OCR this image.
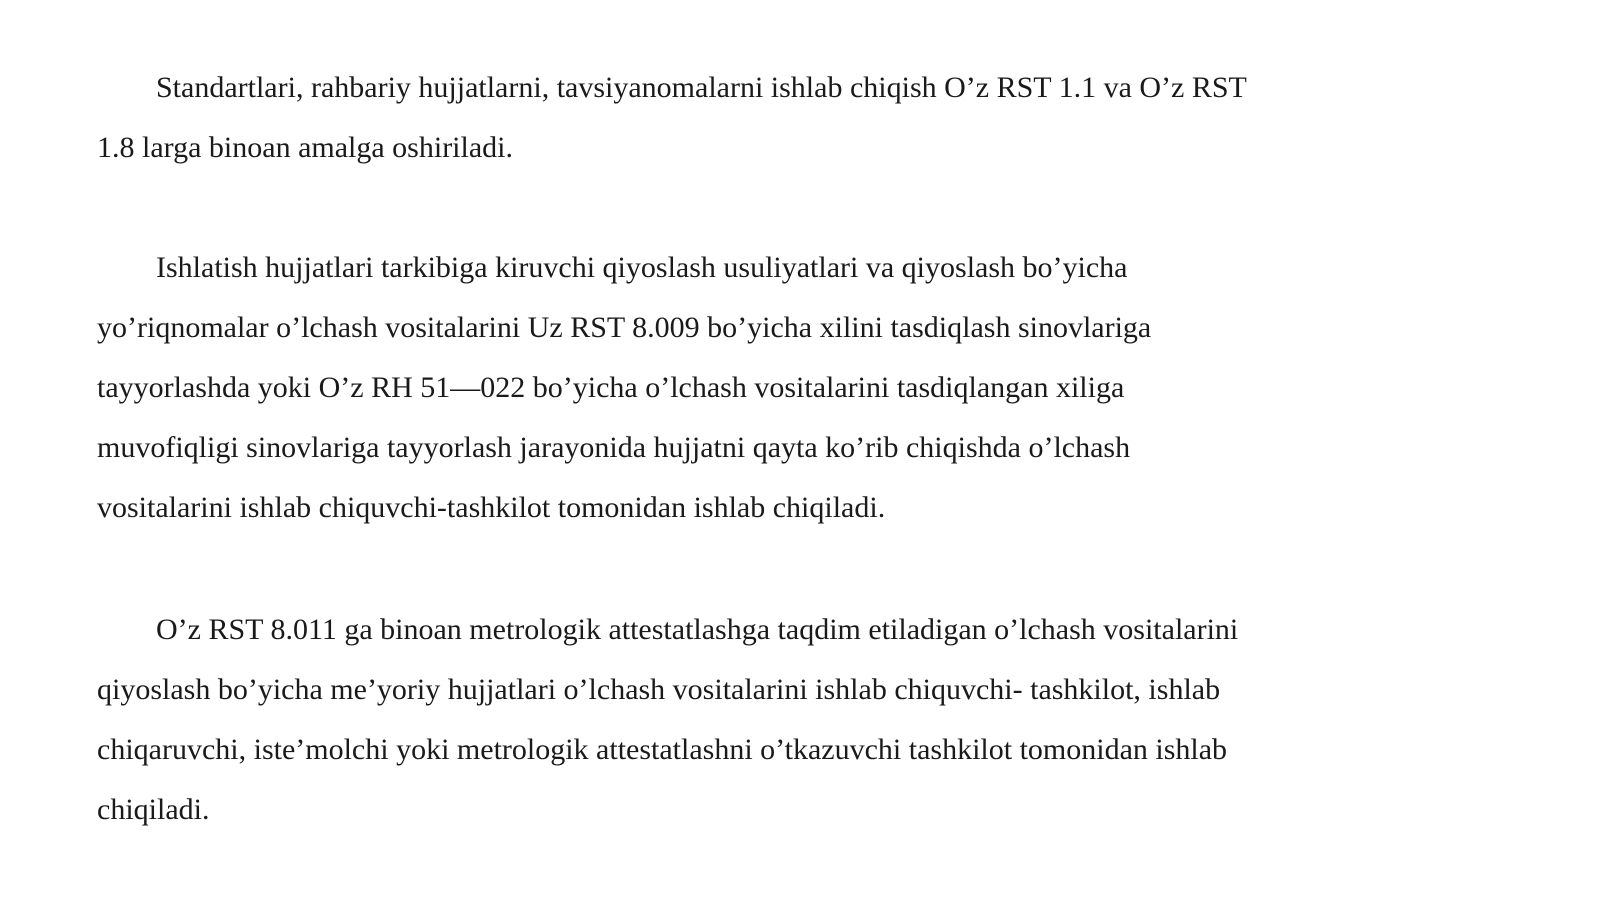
Standartlari, rahbariy hujjatlarni, tavsiyanomalarni ishlab chiqish O’z RST 1.1 va O’z RST
1.8 larga binoan amalga oshiriladi.

Ishlatish hujjatlari tarkibiga kiruvchi qiyoslash usuliyatlari va qiyoslash bo’yicha
yo’riqnomalar o’lchash vositalarini Uz RST 8.009 bo’yicha xilini tasdiqlash sinovlariga
tayyorlashda yoki O’z RH 51—022 bo’yicha o’lchash vositalarini tasdiqlangan xiliga
muvofiqligi sinovlariga tayyorlash jarayonida hujjatni qayta ko’rib chiqishda o’lchash
vositalarini ishlab chiquvchi-tashkilot tomonidan ishlab chiqiladi.

O’z RST 8.011 ga binoan metrologik attestatlashga taqdim etiladigan o’lchash vositalarini
qiyoslash bo’yicha me’yoriy hujjatlari o’lchash vositalarini ishlab chiquvchi- tashkilot, ishlab
chiqaruvchi, iste’molchi yoki metrologik attestatlashni o’tkazuvchi tashkilot tomonidan ishlab
chiqiladi.
